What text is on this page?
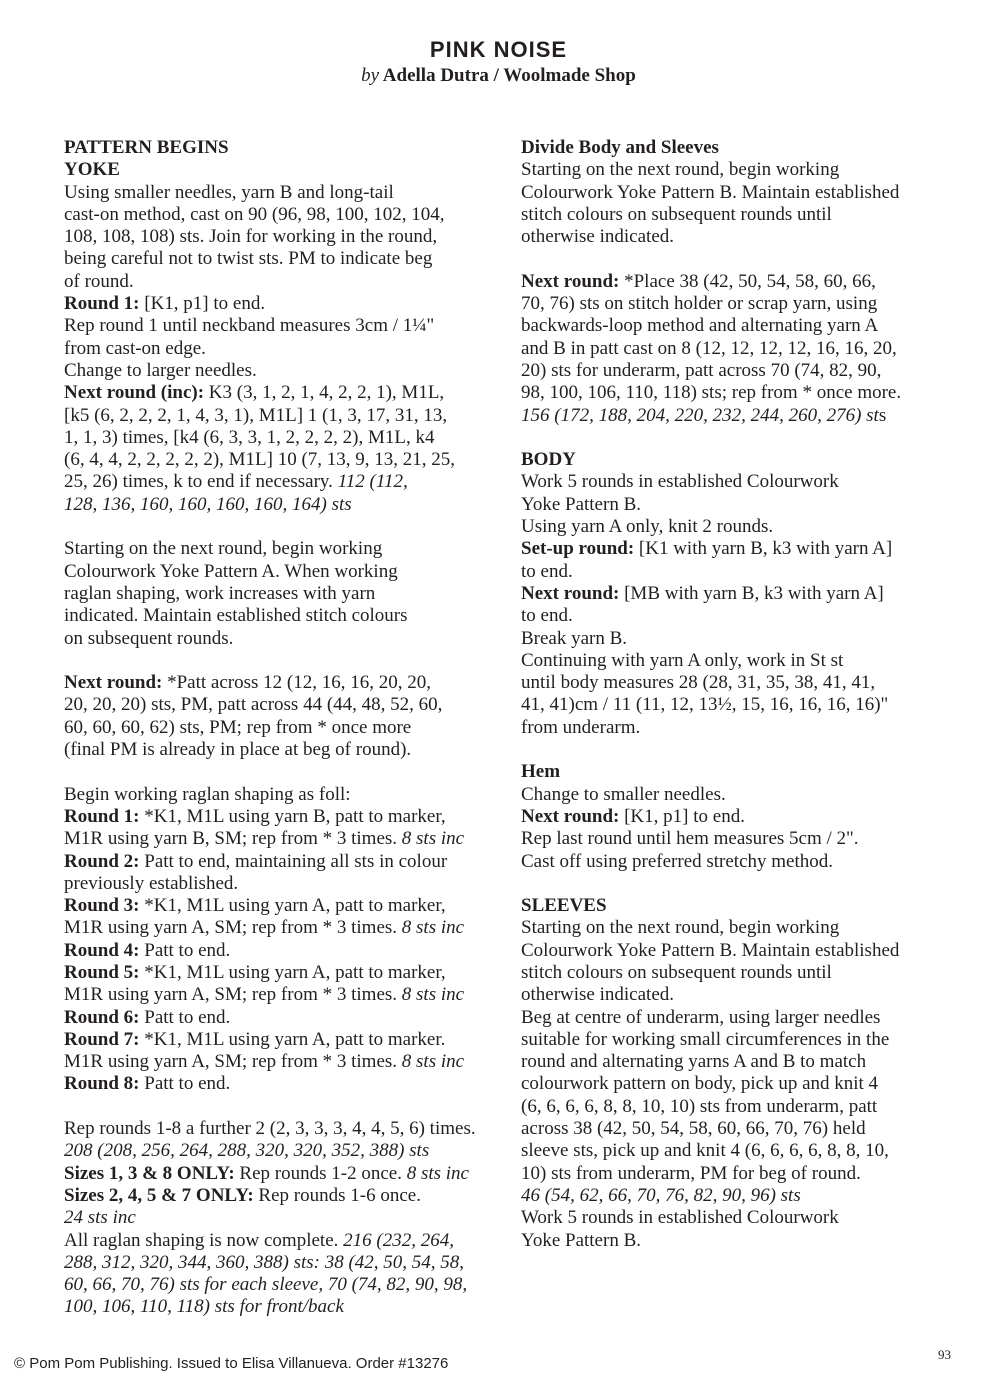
PINK NOISE
by Adella Dutra / Woolmade Shop

PATTERN BEGINS

YOKE

Using smaller needles, yarn B and long-tail

cast-on method, cast on 90 (96, 98, 100, 102, 104,

108, 108, 108) sts. Join for working in the round,

being careful not to twist sts. PM to indicate beg

of round.

Round 1: [K1, p1] to end.

Rep round 1 until neckband measures 3cm / 1¼"

from cast-on edge.

Change to larger needles.

Next round (inc): K3 (3, 1, 2, 1, 4, 2, 2, 1), M1L,

[k5 (6, 2, 2, 2, 1, 4, 3, 1), M1L] 1 (1, 3, 17, 31, 13,

1, 1, 3) times, [k4 (6, 3, 3, 1, 2, 2, 2, 2), M1L, k4

(6, 4, 4, 2, 2, 2, 2, 2), M1L] 10 (7, 13, 9, 13, 21, 25,

25, 26) times, k to end if necessary. 112 (112,

128, 136, 160, 160, 160, 160, 164) sts

Starting on the next round, begin working

Colourwork Yoke Pattern A. When working

raglan shaping, work increases with yarn

indicated. Maintain established stitch colours

on subsequent rounds.

Next round: *Patt across 12 (12, 16, 16, 20, 20,

20, 20, 20) sts, PM, patt across 44 (44, 48, 52, 60,

60, 60, 60, 62) sts, PM; rep from * once more

(final PM is already in place at beg of round).

Begin working raglan shaping as foll:

Round 1: *K1, M1L using yarn B, patt to marker,

M1R using yarn B, SM; rep from * 3 times. 8 sts inc

Round 2: Patt to end, maintaining all sts in colour

previously established.

Round 3: *K1, M1L using yarn A, patt to marker,

M1R using yarn A, SM; rep from * 3 times. 8 sts inc

Round 4: Patt to end.

Round 5: *K1, M1L using yarn A, patt to marker,

M1R using yarn A, SM; rep from * 3 times. 8 sts inc

Round 6: Patt to end.

Round 7: *K1, M1L using yarn A, patt to marker.

M1R using yarn A, SM; rep from * 3 times. 8 sts inc

Round 8: Patt to end.

Rep rounds 1-8 a further 2 (2, 3, 3, 3, 4, 4, 5, 6) times.

208 (208, 256, 264, 288, 320, 320, 352, 388) sts

Sizes 1, 3 & 8 ONLY: Rep rounds 1-2 once. 8 sts inc

Sizes 2, 4, 5 & 7 ONLY: Rep rounds 1-6 once.

24 sts inc

All raglan shaping is now complete. 216 (232, 264,

288, 312, 320, 344, 360, 388) sts: 38 (42, 50, 54, 58,

60, 66, 70, 76) sts for each sleeve, 70 (74, 82, 90, 98,

100, 106, 110, 118) sts for front/back

Divide Body and Sleeves

Starting on the next round, begin working

Colourwork Yoke Pattern B. Maintain established

stitch colours on subsequent rounds until

otherwise indicated.

Next round: *Place 38 (42, 50, 54, 58, 60, 66,

70, 76) sts on stitch holder or scrap yarn, using

backwards-loop method and alternating yarn A

and B in patt cast on 8 (12, 12, 12, 12, 16, 16, 20,

20) sts for underarm, patt across 70 (74, 82, 90,

98, 100, 106, 110, 118) sts; rep from * once more.

156 (172, 188, 204, 220, 232, 244, 260, 276) sts

BODY

Work 5 rounds in established Colourwork

Yoke Pattern B.

Using yarn A only, knit 2 rounds.

Set-up round: [K1 with yarn B, k3 with yarn A]

to end.

Next round: [MB with yarn B, k3 with yarn A]

to end.

Break yarn B.

Continuing with yarn A only, work in St st

until body measures 28 (28, 31, 35, 38, 41, 41,

41, 41)cm / 11 (11, 12, 13½, 15, 16, 16, 16, 16)"

from underarm.

Hem

Change to smaller needles.

Next round: [K1, p1] to end.

Rep last round until hem measures 5cm / 2".

Cast off using preferred stretchy method.

SLEEVES

Starting on the next round, begin working

Colourwork Yoke Pattern B. Maintain established

stitch colours on subsequent rounds until

otherwise indicated.

Beg at centre of underarm, using larger needles

suitable for working small circumferences in the

round and alternating yarns A and B to match

colourwork pattern on body, pick up and knit 4

(6, 6, 6, 6, 8, 8, 10, 10) sts from underarm, patt

across 38 (42, 50, 54, 58, 60, 66, 70, 76) held

sleeve sts, pick up and knit 4 (6, 6, 6, 6, 8, 8, 10,

10) sts from underarm, PM for beg of round.

46 (54, 62, 66, 70, 76, 82, 90, 96) sts

Work 5 rounds in established Colourwork

Yoke Pattern B.

© Pom Pom Publishing. Issued to Elisa Villanueva. Order #13276
93
